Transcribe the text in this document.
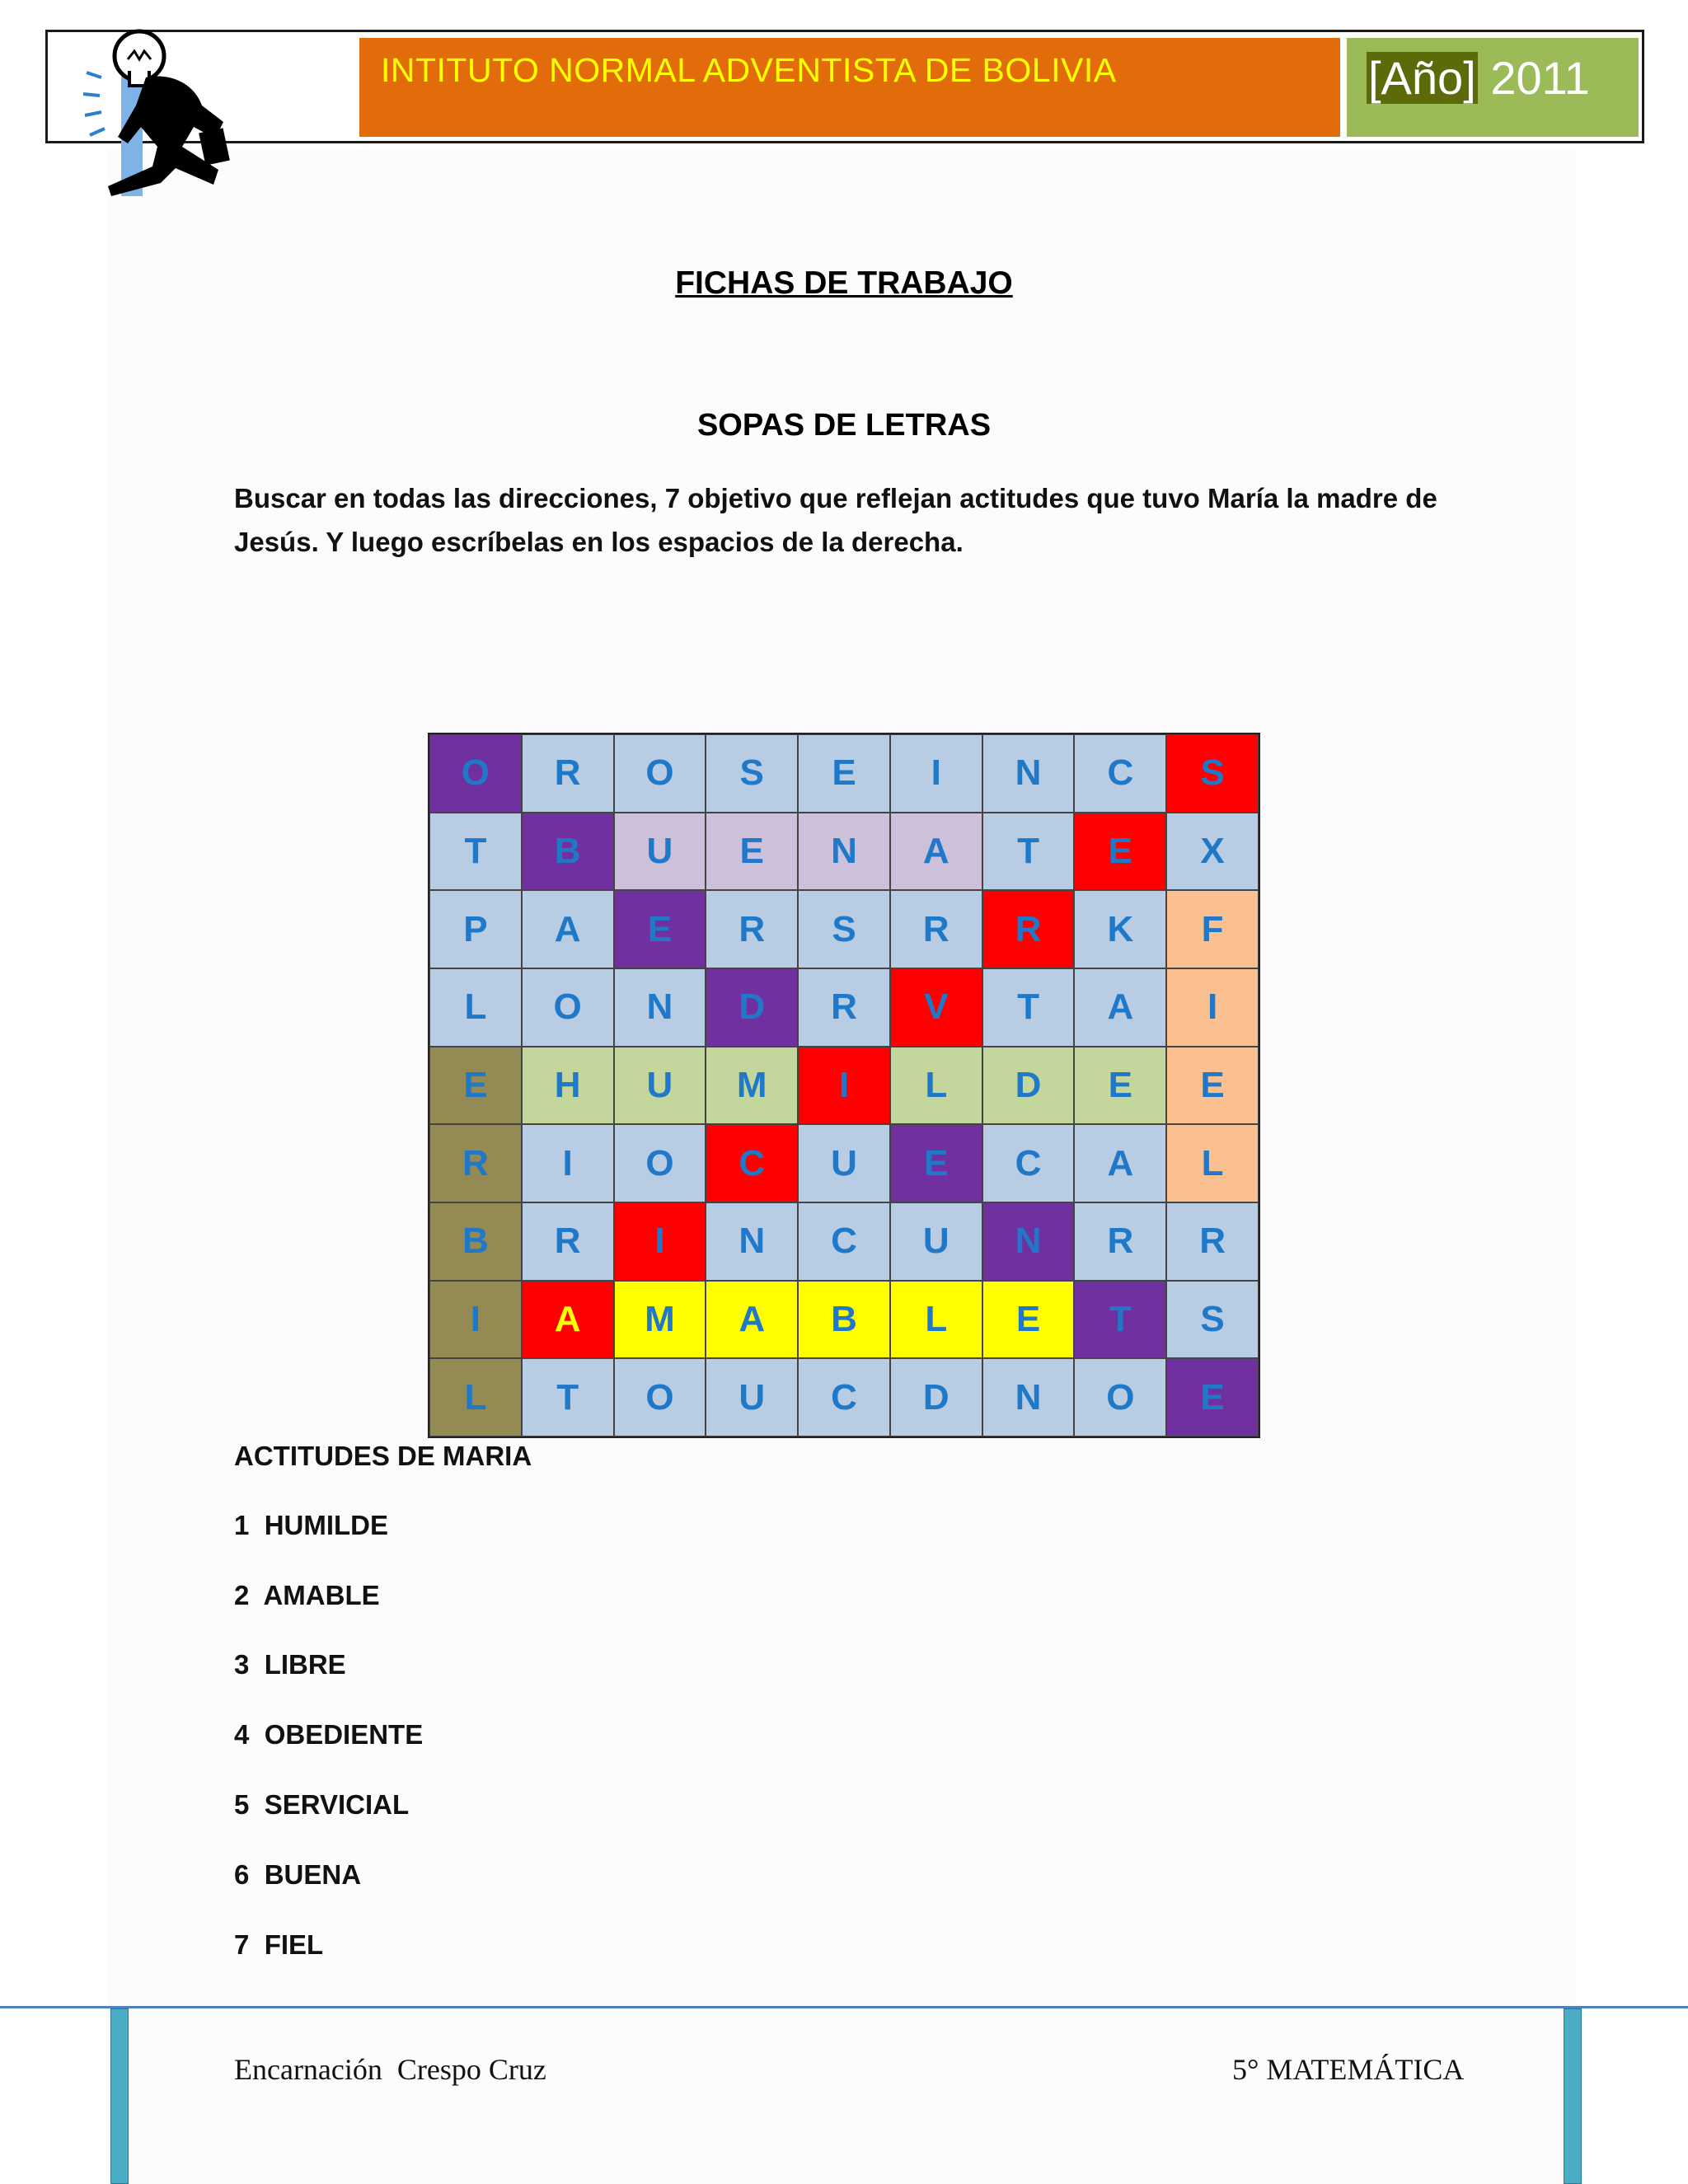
INTITUTO NORMAL ADVENTISTA DE BOLIVIA	[Año] 2011
FICHAS DE TRABAJO
SOPAS DE LETRAS
Buscar en todas las direcciones, 7 objetivo que reflejan actitudes que tuvo María la madre de
Jesús. Y luego escríbelas en los espacios de la derecha.
O	R	O	S	E	I	N	C	S
T	B	U	E	N	A	T	E	X
P	A	E	R	S	R	R	K	F
L	O	N	D	R	V	T	A	I
E	H	U	M	I	L	D	E	E
R	I	O	C	U	E	C	A	L
B	R	I	N	C	U	N	R	R
I	A	M	A	B	L	E	T	S
L	T	O	U	C	D	N	O	E
ACTITUDES DE MARIA
1  HUMILDE
2  AMABLE
3  LIBRE
4  OBEDIENTE
5  SERVICIAL
6  BUENA
7  FIEL
Encarnación  Crespo Cruz	5° MATEMÁTICA
